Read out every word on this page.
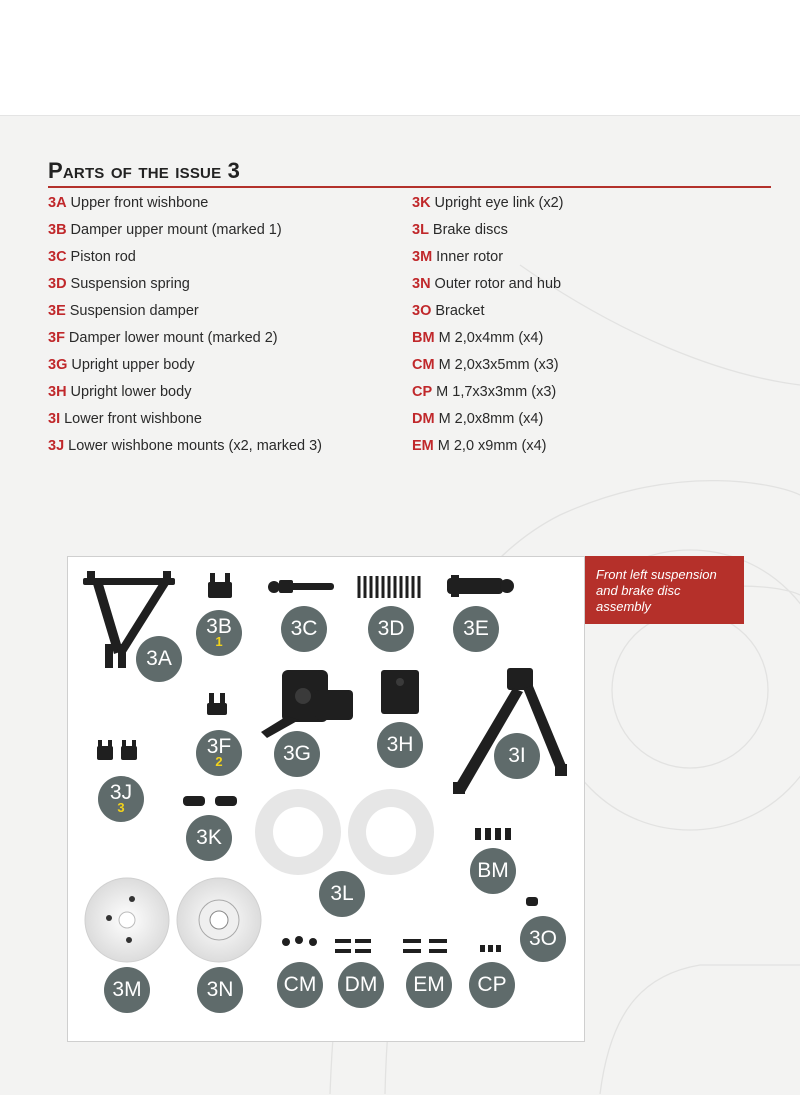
Parts of the issue 3
3A Upper front wishbone
3B Damper upper mount (marked 1)
3C Piston rod
3D Suspension spring
3E Suspension damper
3F Damper lower mount (marked 2)
3G Upright upper body
3H Upright lower body
3I Lower front wishbone
3J Lower wishbone mounts (x2, marked 3)
3K Upright eye link (x2)
3L Brake discs
3M Inner rotor
3N Outer rotor and hub
3O Bracket
BM M 2,0x4mm (x4)
CM M 2,0x3x5mm (x3)
CP M 1,7x3x3mm (x3)
DM M 2,0x8mm (x4)
EM M 2,0 x9mm (x4)
Front left suspension and brake disc assembly
3A
3B
1
3C	3D	3E
3F
2	3G	3H	3I
3J
3
3K
3L
BM
3M	3N	CM	DM	EM	CP
3O
